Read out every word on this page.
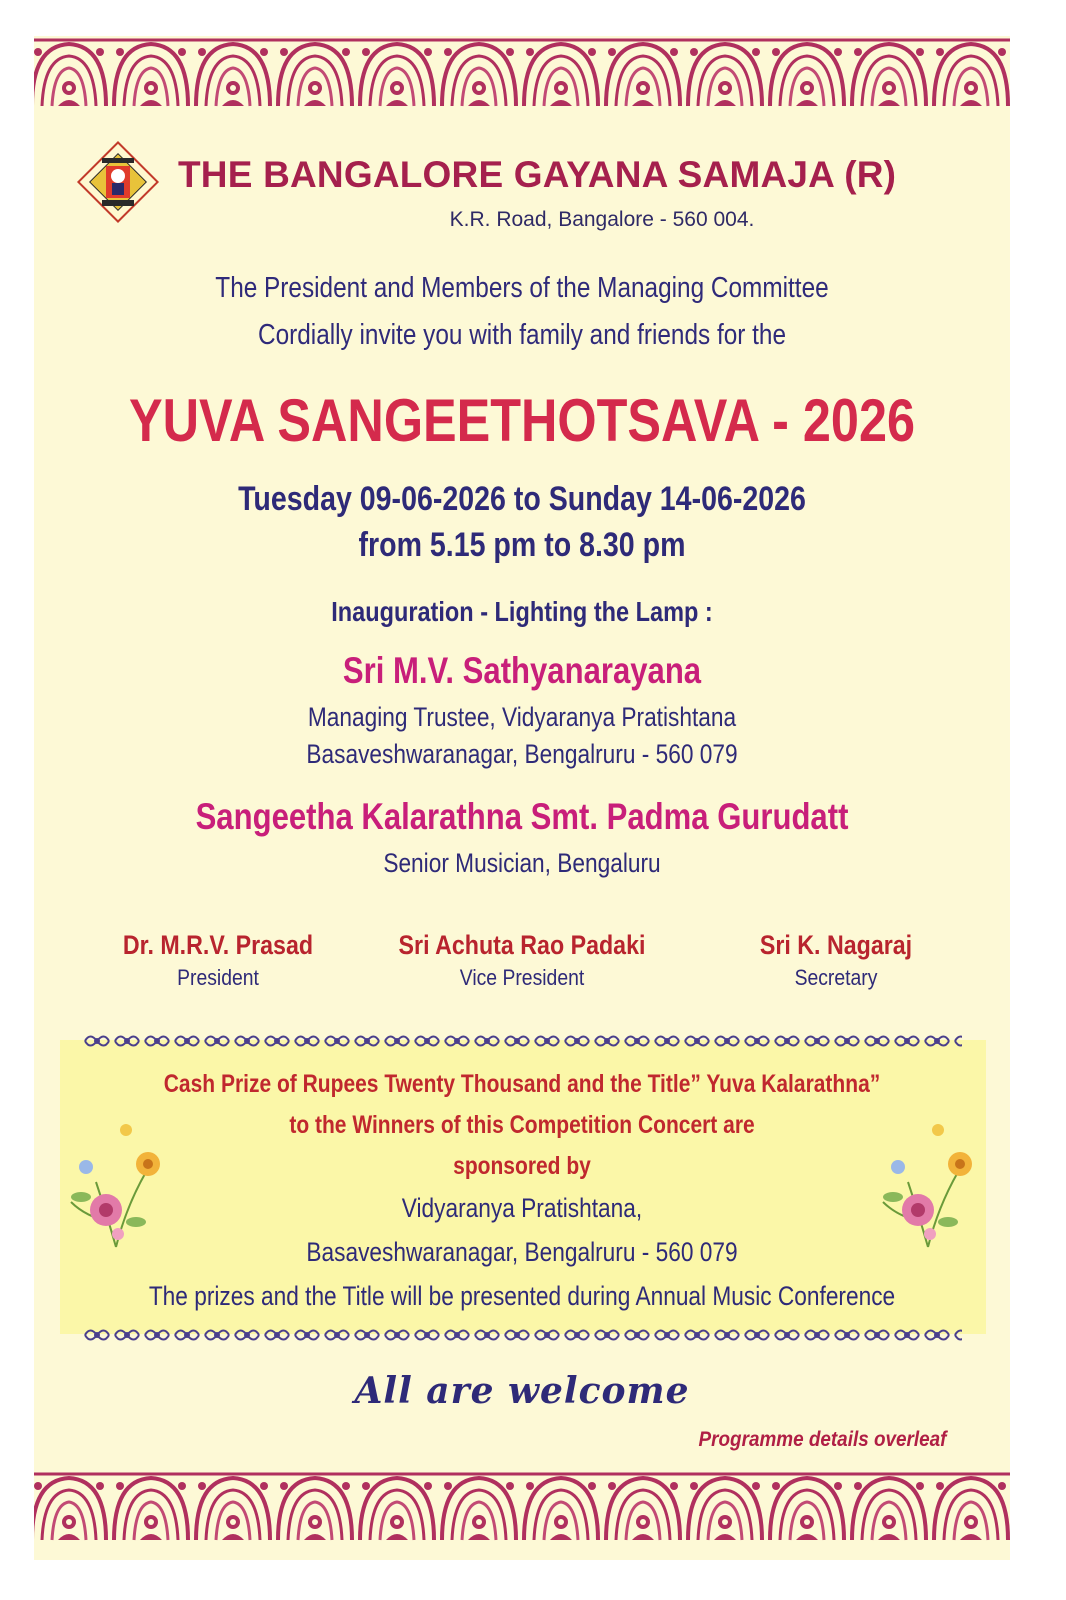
THE BANGALORE GAYANA SAMAJA (R)
K.R. Road, Bangalore - 560 004.
The President and Members of the Managing Committee
Cordially invite you with family and friends for the
YUVA SANGEETHOTSAVA - 2026
Tuesday 09-06-2026 to Sunday 14-06-2026
from 5.15 pm to 8.30 pm
Inauguration - Lighting the Lamp :
Sri M.V. Sathyanarayana
Managing Trustee, Vidyaranya Pratishtana
Basaveshwaranagar, Bengalruru - 560 079
Sangeetha Kalarathna Smt. Padma Gurudatt
Senior Musician, Bengaluru
Dr. M.R.V. Prasad
President
Sri Achuta Rao Padaki
Vice President
Sri K. Nagaraj
Secretary
Cash Prize of Rupees Twenty Thousand and the Title” Yuva Kalarathna”
to the Winners of this Competition Concert are
sponsored by
Vidyaranya Pratishtana,
Basaveshwaranagar, Bengalruru - 560 079
The prizes and the Title will be presented during Annual Music Conference
All are welcome
Programme details overleaf
